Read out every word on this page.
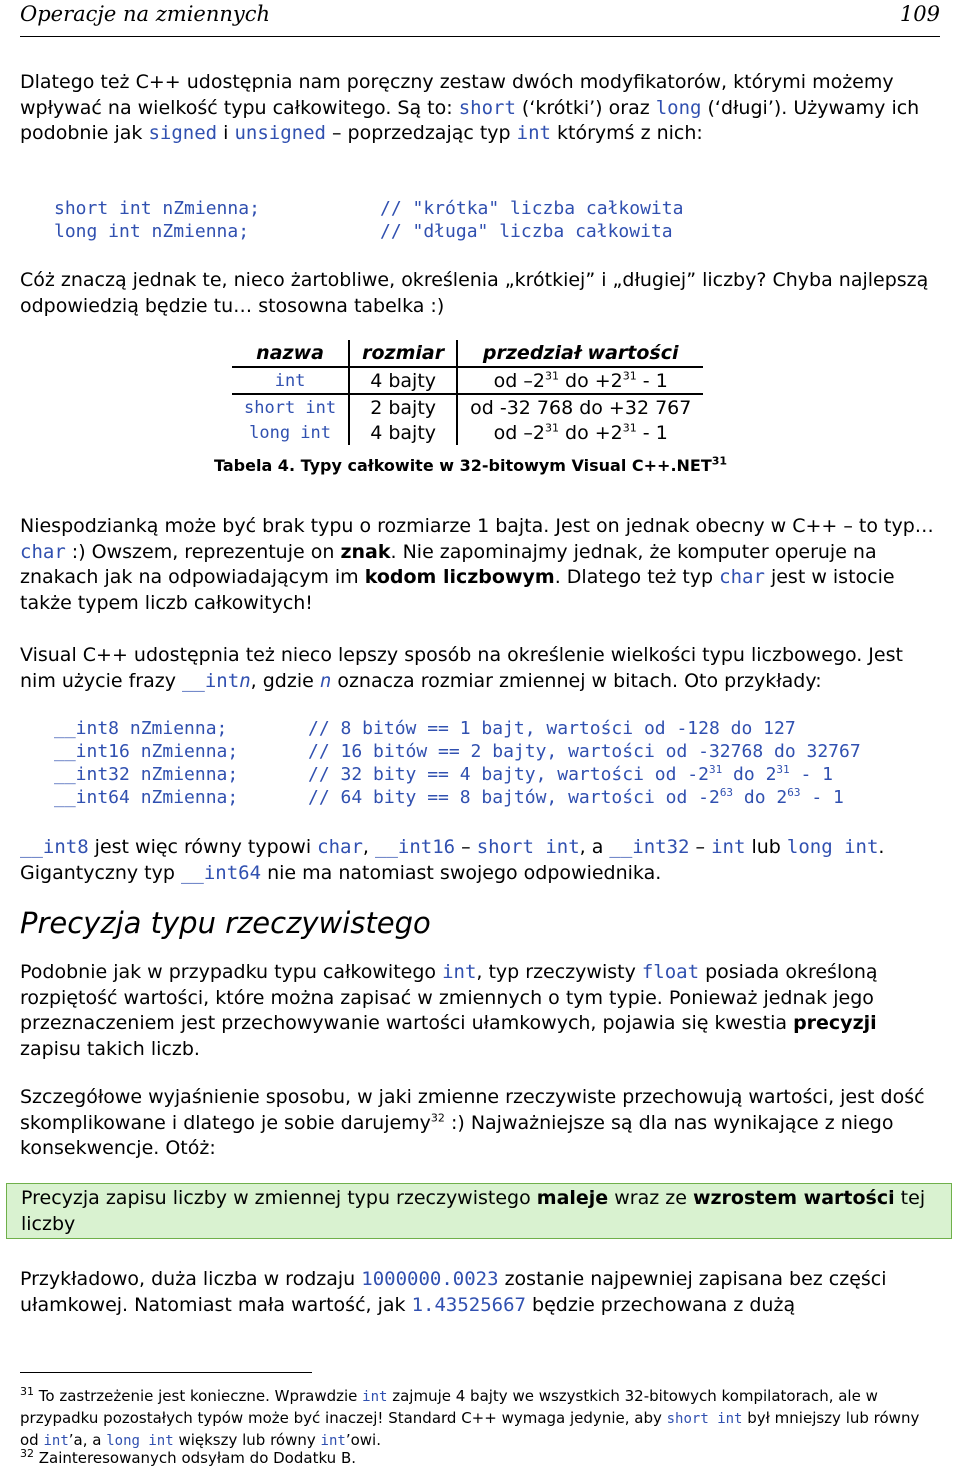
Operacje na zmiennych	109

Dlatego też C++ udostępnia nam poręczny zestaw dwóch modyfikatorów, którymi możemy wpływać na wielkość typu całkowitego. Są to: short (‘krótki’) oraz long (‘długi’). Używamy ich podobnie jak signed i unsigned – poprzedzając typ int którymś z nich:

short int nZmienna;	// "krótka" liczba całkowita
long int nZmienna;	// "długa" liczba całkowita

Cóż znaczą jednak te, nieco żartobliwe, określenia „krótkiej” i „długiej” liczby? Chyba najlepszą odpowiedzią będzie tu… stosowna tabelka :)

nazwa	rozmiar	przedział wartości
int	4 bajty	od $-2^{31}$ do $+2^{31} - 1$
short int	2 bajty	od -32 768 do +32 767
long int	4 bajty	od $-2^{31}$ do $+2^{31} - 1$
Tabela 4. Typy całkowite w 32-bitowym Visual $C++.NET^{31}$

Niespodzianką może być brak typu o rozmiarze 1 bajta. Jest on jednak obecny w C++ – to typ… char :) Owszem, reprezentuje on znak. Nie zapominajmy jednak, że komputer operuje na znakach jak na odpowiadającym im kodom liczbowym. Dlatego też typ char jest w istocie także typem liczb całkowitych!

Visual C++ udostępnia też nieco lepszy sposób na określenie wielkości typu liczbowego. Jest nim użycie frazy __intn, gdzie n oznacza rozmiar zmiennej w bitach. Oto przykłady:

__int8 nZmienna;	// 8 bitów == 1 bajt, wartości od -128 do 127
__int16 nZmienna;	// 16 bitów == 2 bajty, wartości od -32768 do 32767
__int32 nZmienna;	// 32 bity == 4 bajty, wartości od $-2^{31}$ do $2^{31} - 1$
__int64 nZmienna;	// 64 bity == 8 bajtów, wartości od $-2^{63}$ do $2^{63} - 1$

__int8 jest więc równy typowi char, __int16 – short int, a __int32 – int lub long int. Gigantyczny typ __int64 nie ma natomiast swojego odpowiednika.

Precyzja typu rzeczywistego

Podobnie jak w przypadku typu całkowitego int, typ rzeczywisty float posiada określoną rozpiętość wartości, które można zapisać w zmiennych o tym typie. Ponieważ jednak jego przeznaczeniem jest przechowywanie wartości ułamkowych, pojawia się kwestia precyzji zapisu takich liczb.

Szczegółowe wyjaśnienie sposobu, w jaki zmienne rzeczywiste przechowują wartości, jest dość skomplikowane i dlatego je sobie darujemy$^{32}$ :) Najważniejsze są dla nas wynikające z niego konsekwencje. Otóż:

Precyzja zapisu liczby w zmiennej typu rzeczywistego maleje wraz ze wzrostem wartości tej liczby

Przykładowo, duża liczba w rodzaju 1000000.0023 zostanie najpewniej zapisana bez części ułamkowej. Natomiast mała wartość, jak 1.43525667 będzie przechowana z dużą

$^{31}$ To zastrzeżenie jest konieczne. Wprawdzie int zajmuje 4 bajty we wszystkich 32-bitowych kompilatorach, ale w przypadku pozostałych typów może być inaczej! Standard C++ wymaga jedynie, aby short int był mniejszy lub równy od int’a, a long int większy lub równy int’owi.
$^{32}$ Zainteresowanych odsyłam do Dodatku B.
